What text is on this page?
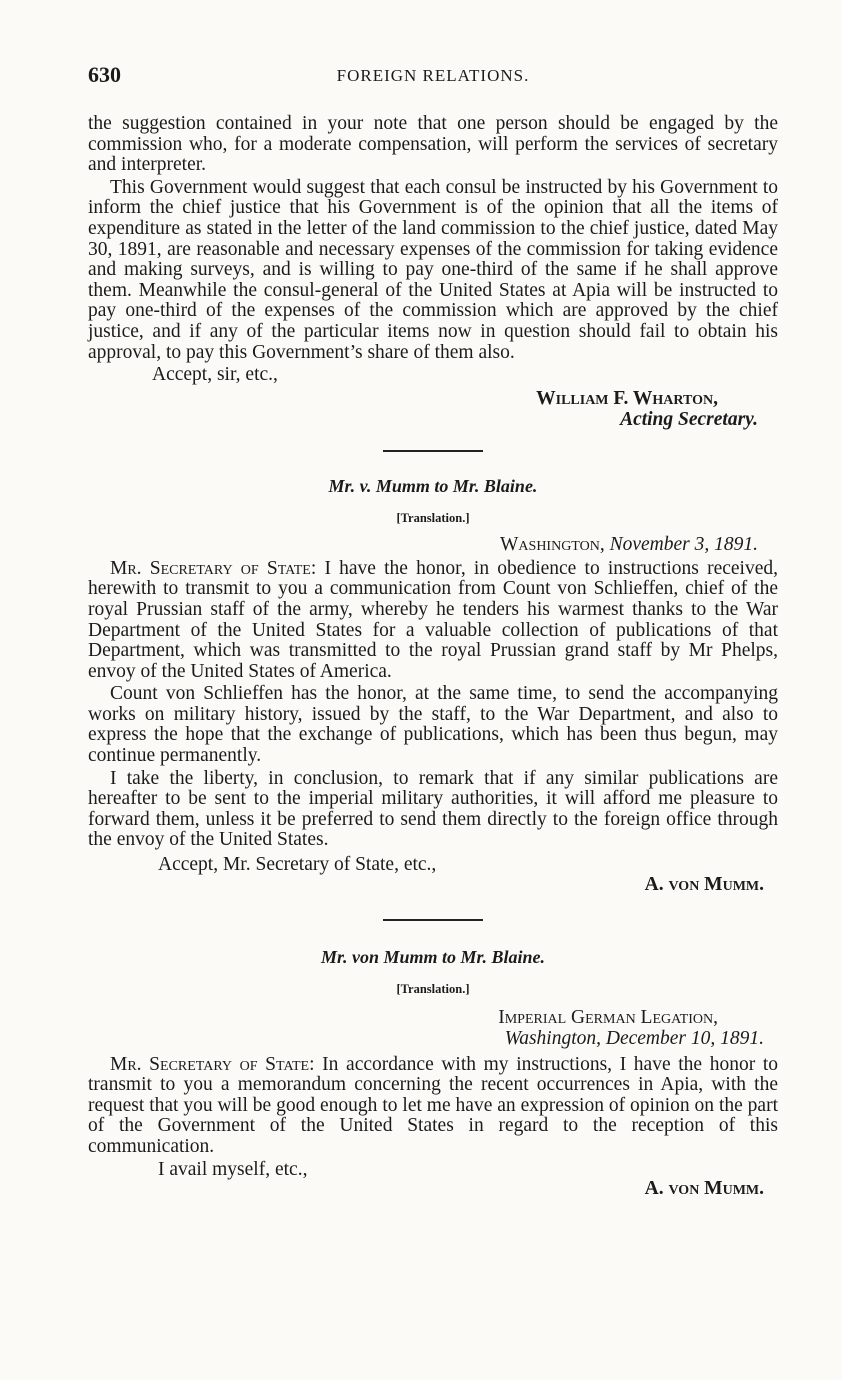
630	FOREIGN RELATIONS.

the suggestion contained in your note that one person should be engaged by the commission who, for a moderate compensation, will perform the services of secretary and interpreter.

This Government would suggest that each consul be instructed by his Government to inform the chief justice that his Government is of the opinion that all the items of expenditure as stated in the letter of the land commission to the chief justice, dated May 30, 1891, are reasonable and necessary expenses of the commission for taking evidence and making surveys, and is willing to pay one-third of the same if he shall approve them. Meanwhile the consul-general of the United States at Apia will be instructed to pay one-third of the expenses of the commission which are approved by the chief justice, and if any of the particular items now in question should fail to obtain his approval, to pay this Government’s share of them also.

Accept, sir, etc.,
William F. Wharton,
Acting Secretary.
Mr. v. Mumm to Mr. Blaine.
[Translation.]
Washington, November 3, 1891.

Mr. Secretary of State: I have the honor, in obedience to instructions received, herewith to transmit to you a communication from Count von Schlieffen, chief of the royal Prussian staff of the army, whereby he tenders his warmest thanks to the War Department of the United States for a valuable collection of publications of that Department, which was transmitted to the royal Prussian grand staff by Mr Phelps, envoy of the United States of America.

Count von Schlieffen has the honor, at the same time, to send the accompanying works on military history, issued by the staff, to the War Department, and also to express the hope that the exchange of publications, which has been thus begun, may continue permanently.

I take the liberty, in conclusion, to remark that if any similar publications are hereafter to be sent to the imperial military authorities, it will afford me pleasure to forward them, unless it be preferred to send them directly to the foreign office through the envoy of the United States.

Accept, Mr. Secretary of State, etc.,
A. von Mumm.
Mr. von Mumm to Mr. Blaine.
[Translation.]
Imperial German Legation,
Washington, December 10, 1891.

Mr. Secretary of State: In accordance with my instructions, I have the honor to transmit to you a memorandum concerning the recent occurrences in Apia, with the request that you will be good enough to let me have an expression of opinion on the part of the Government of the United States in regard to the reception of this communication.

I avail myself, etc.,
A. von Mumm.
